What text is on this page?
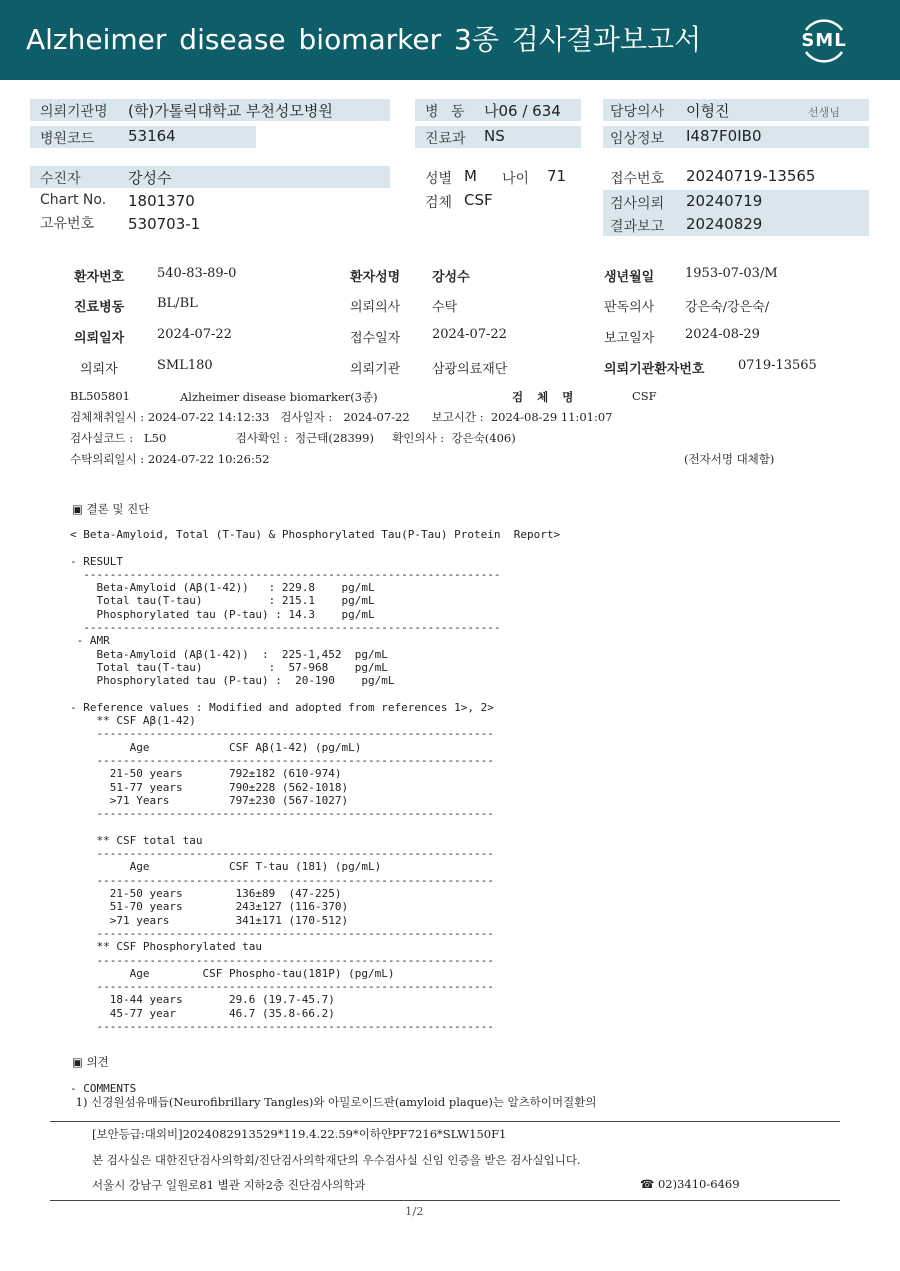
Alzheimer disease biomarker 3종 검사결과보고서	SML
의뢰기관명 (학)가톨릭대학교 부천성모병원
병원코드 53164
병 동 나06 / 634
진료과 NS
담당의사 이형진	선생님
임상정보 I487F0IB0
수진자	강성수
Chart No. 1801370
고유번호 530703-1
성별 M 나이 71
검체 CSF
접수번호 20240719-13565
검사의뢰 20240719
결과보고 20240829
환자번호	540-83-89-0	환자성명 강성수	생년월일 1953-07-03/M
진료병동	BL/BL	의뢰의사 수탁	판독의사 강은숙/강은숙/
의뢰일자	2024-07-22	접수일자 2024-07-22	보고일자 2024-08-29
의뢰자	SML180	의뢰기관 삼광의료재단	의뢰기관환자번호	0719-13565
BL505801	Alzheimer disease biomarker(3종)	검 체 명	CSF
검체채취일시 : 2024-07-22 14:12:33   검사일자 :   2024-07-22      보고시간 :  2024-08-29 11:01:07
검사실코드 :   L50                   검사확인 :  정근태(28399)     확인의사 :  강은숙(406)
수탁의뢰일시 : 2024-07-22 10:26:52	(전자서명 대체함)
▣ 결론 및 진단
< Beta-Amyloid, Total (T-Tau) & Phosphorylated Tau(P-Tau) Protein  Report>
- RESULT
---------------------------------------------------------------
Beta-Amyloid (Aβ(1-42))   : 229.8    pg/mL
Total tau(T-tau)          : 215.1    pg/mL
Phosphorylated tau (P-tau) : 14.3    pg/mL
---------------------------------------------------------------
- AMR
Beta-Amyloid (Aβ(1-42))  :  225-1,452  pg/mL
Total tau(T-tau)          :  57-968    pg/mL
Phosphorylated tau (P-tau) :  20-190    pg/mL
- Reference values : Modified and adopted from references 1>, 2>
** CSF Aβ(1-42)
------------------------------------------------------------
Age            CSF Aβ(1-42) (pg/mL)
------------------------------------------------------------
21-50 years       792±182 (610-974)
51-77 years       790±228 (562-1018)
>71 Years         797±230 (567-1027)
------------------------------------------------------------
** CSF total tau
------------------------------------------------------------
Age            CSF T-tau (181) (pg/mL)
------------------------------------------------------------
21-50 years        136±89  (47-225)
51-70 years        243±127 (116-370)
>71 years          341±171 (170-512)
------------------------------------------------------------
** CSF Phosphorylated tau
------------------------------------------------------------
Age        CSF Phospho-tau(181P) (pg/mL)
------------------------------------------------------------
18-44 years       29.6 (19.7-45.7)
45-77 year        46.7 (35.8-66.2)
------------------------------------------------------------
▣ 의견
- COMMENTS
1) 신경원섬유매듭(Neurofibrillary Tangles)와 아밀로이드판(amyloid plaque)는 알츠하이머질환의
[보안등급:대외비]2024082913529*119.4.22.59*이하얀PF7216*SLW150F1
본 검사실은 대한진단검사의학회/진단검사의학재단의 우수검사실 신임 인증을 받은 검사실입니다.
서울시 강남구 일원로81 별관 지하2층 진단검사의학과	☎ 02)3410-6469
1/2
